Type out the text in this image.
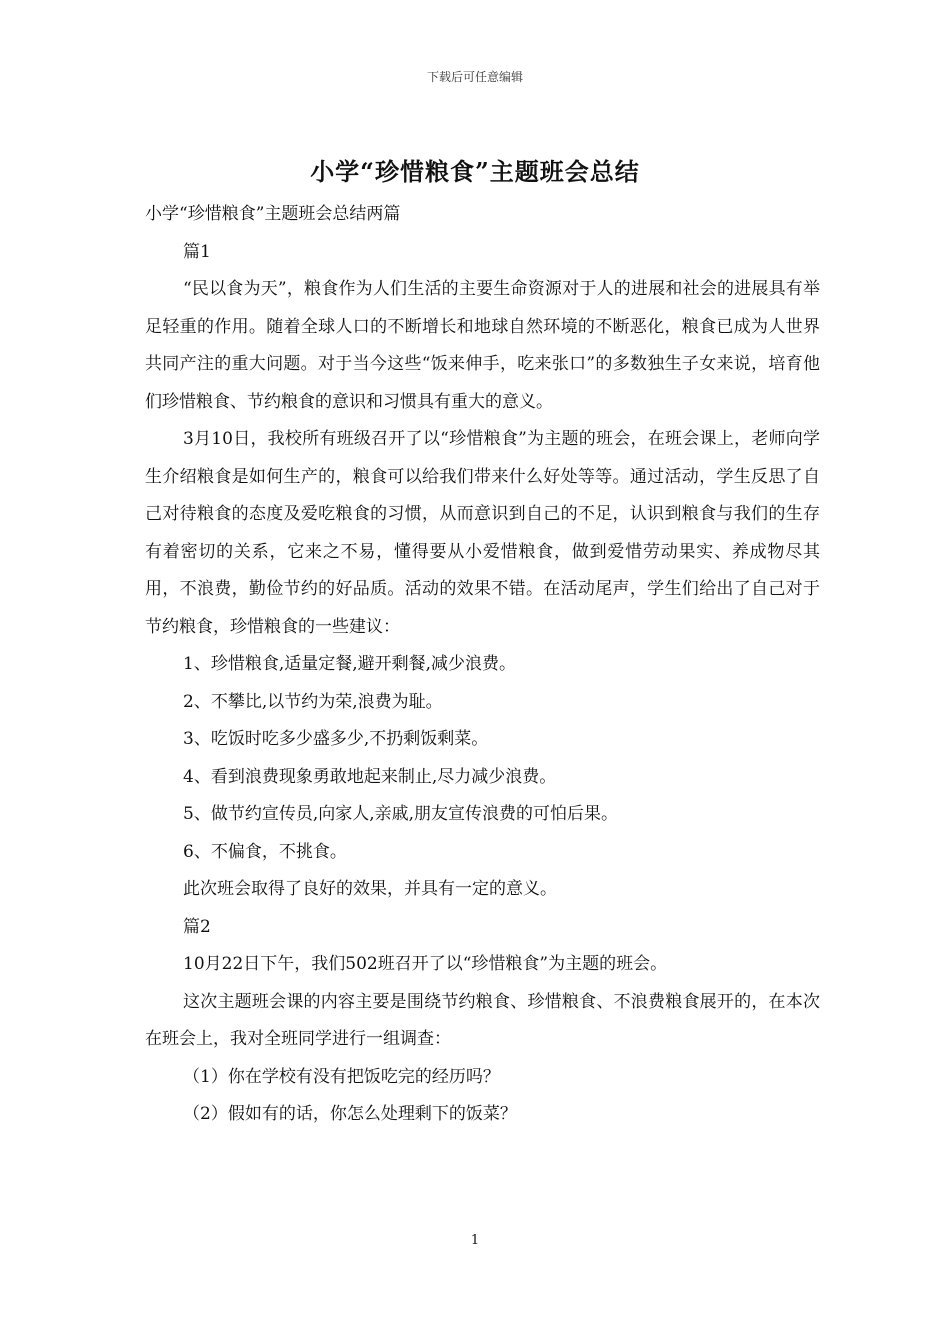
下载后可任意编辑
小学“珍惜粮食”主题班会总结

小学“珍惜粮食”主题班会总结两篇

篇1

“民以食为天”，粮食作为人们生活的主要生命资源对于人的进展和社会的进展具有举足轻重的作用。随着全球人口的不断增长和地球自然环境的不断恶化，粮食已成为人世界共同产注的重大问题。对于当今这些“饭来伸手，吃来张口”的多数独生子女来说，培育他们珍惜粮食、节约粮食的意识和习惯具有重大的意义。

3月10日，我校所有班级召开了以“珍惜粮食”为主题的班会，在班会课上，老师向学生介绍粮食是如何生产的，粮食可以给我们带来什么好处等等。通过活动，学生反思了自己对待粮食的态度及爱吃粮食的习惯，从而意识到自己的不足，认识到粮食与我们的生存有着密切的关系，它来之不易，懂得要从小爱惜粮食，做到爱惜劳动果实、养成物尽其用，不浪费，勤俭节约的好品质。活动的效果不错。在活动尾声，学生们给出了自己对于节约粮食，珍惜粮食的一些建议：

1、珍惜粮食,适量定餐,避开剩餐,减少浪费。

2、不攀比,以节约为荣,浪费为耻。

3、吃饭时吃多少盛多少,不扔剩饭剩菜。

4、看到浪费现象勇敢地起来制止,尽力减少浪费。

5、做节约宣传员,向家人,亲戚,朋友宣传浪费的可怕后果。

6、不偏食，不挑食。

此次班会取得了良好的效果，并具有一定的意义。

篇2

10月22日下午，我们502班召开了以“珍惜粮食”为主题的班会。

这次主题班会课的内容主要是围绕节约粮食、珍惜粮食、不浪费粮食展开的，在本次在班会上，我对全班同学进行一组调查：

（1）你在学校有没有把饭吃完的经历吗？

（2）假如有的话，你怎么处理剩下的饭菜？

1
